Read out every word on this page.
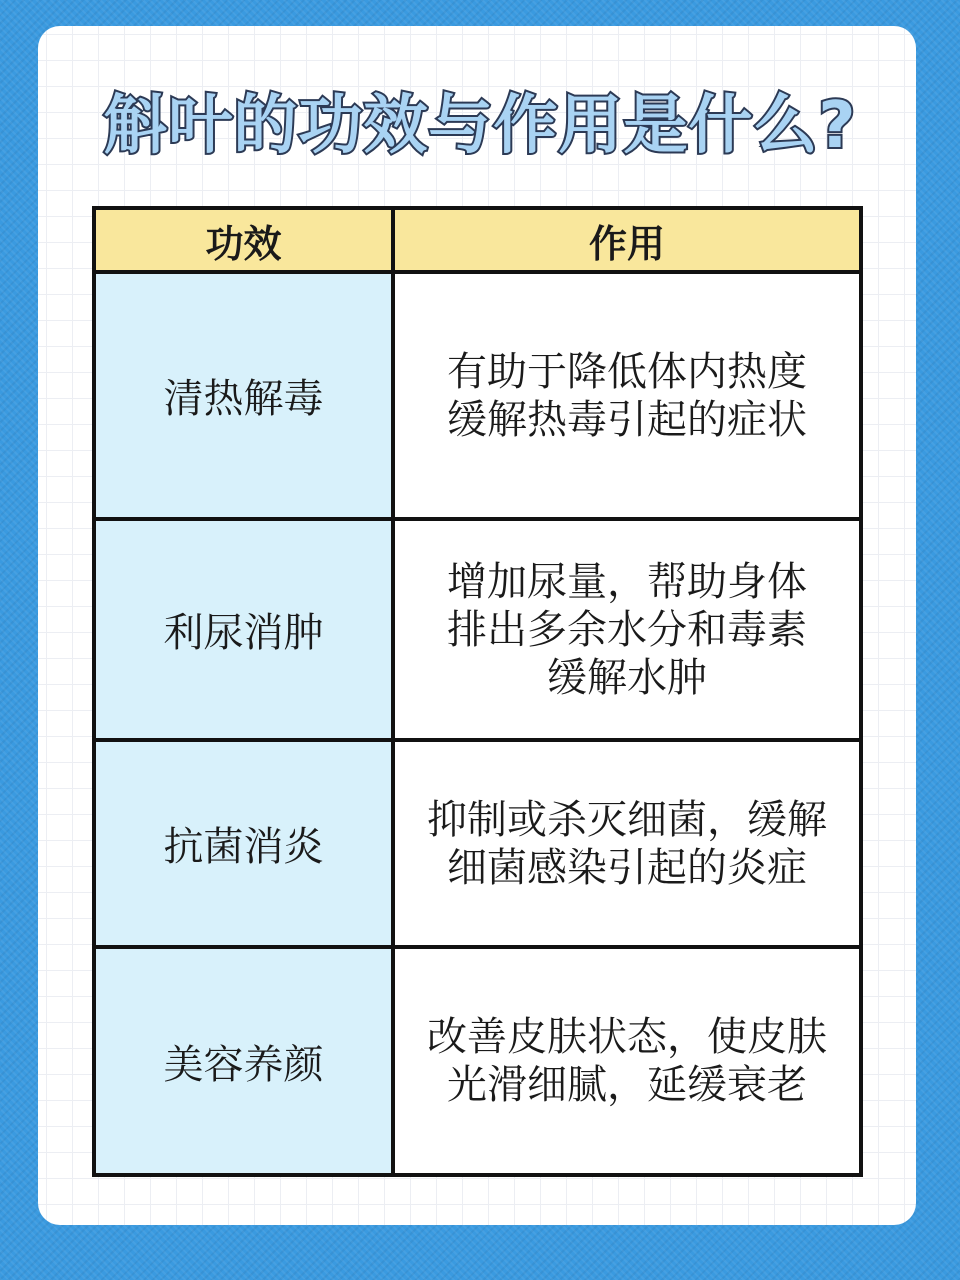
斛叶的功效与作用是什么?
功效	作用
清热解毒	有助于降低体内热度
缓解热毒引起的症状

利尿消肿	增加尿量，帮助身体
排出多余水分和毒素
缓解水肿

抗菌消炎	抑制或杀灭细菌，缓解
细菌感染引起的炎症

美容养颜	改善皮肤状态，使皮肤
光滑细腻，延缓衰老
